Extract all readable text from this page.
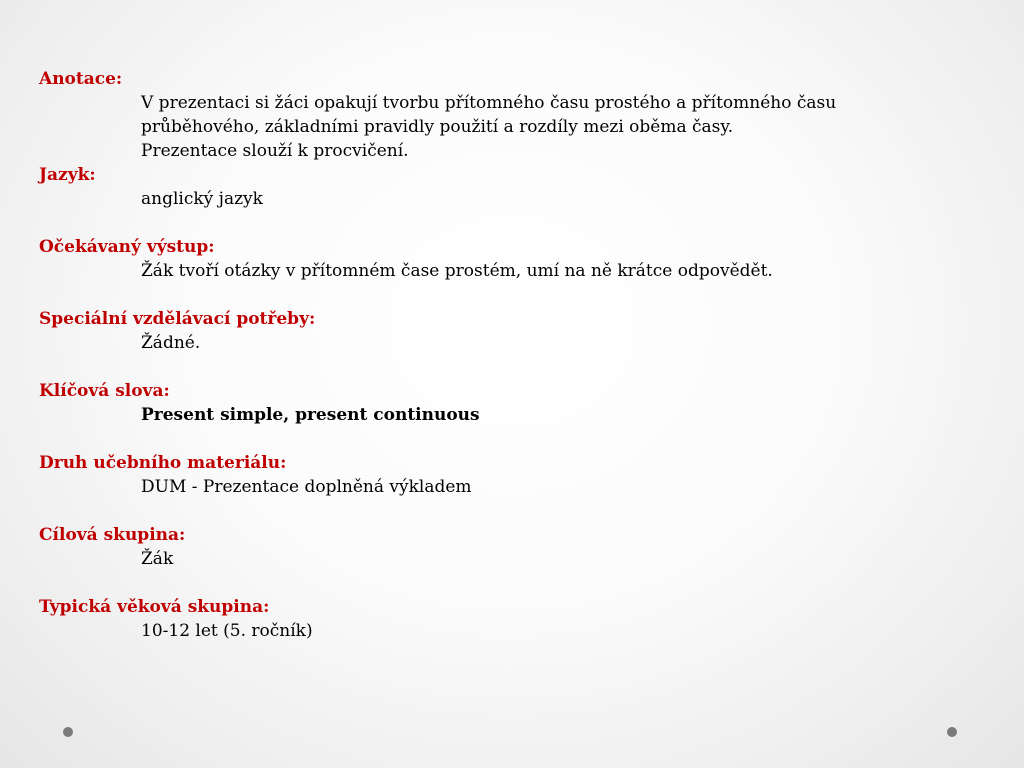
Anotace:
V prezentaci si žáci opakují tvorbu přítomného času prostého a přítomného času
průběhového, základními pravidly použití a rozdíly mezi oběma časy.
Prezentace slouží k procvičení.
Jazyk:
anglický jazyk
Očekávaný výstup:
Žák tvoří otázky v přítomném čase prostém, umí na ně krátce odpovědět.
Speciální vzdělávací potřeby:
Žádné.
Klíčová slova:
Present simple, present continuous
Druh učebního materiálu:
DUM - Prezentace doplněná výkladem
Cílová skupina:
Žák
Typická věková skupina:
10-12 let (5. ročník)
